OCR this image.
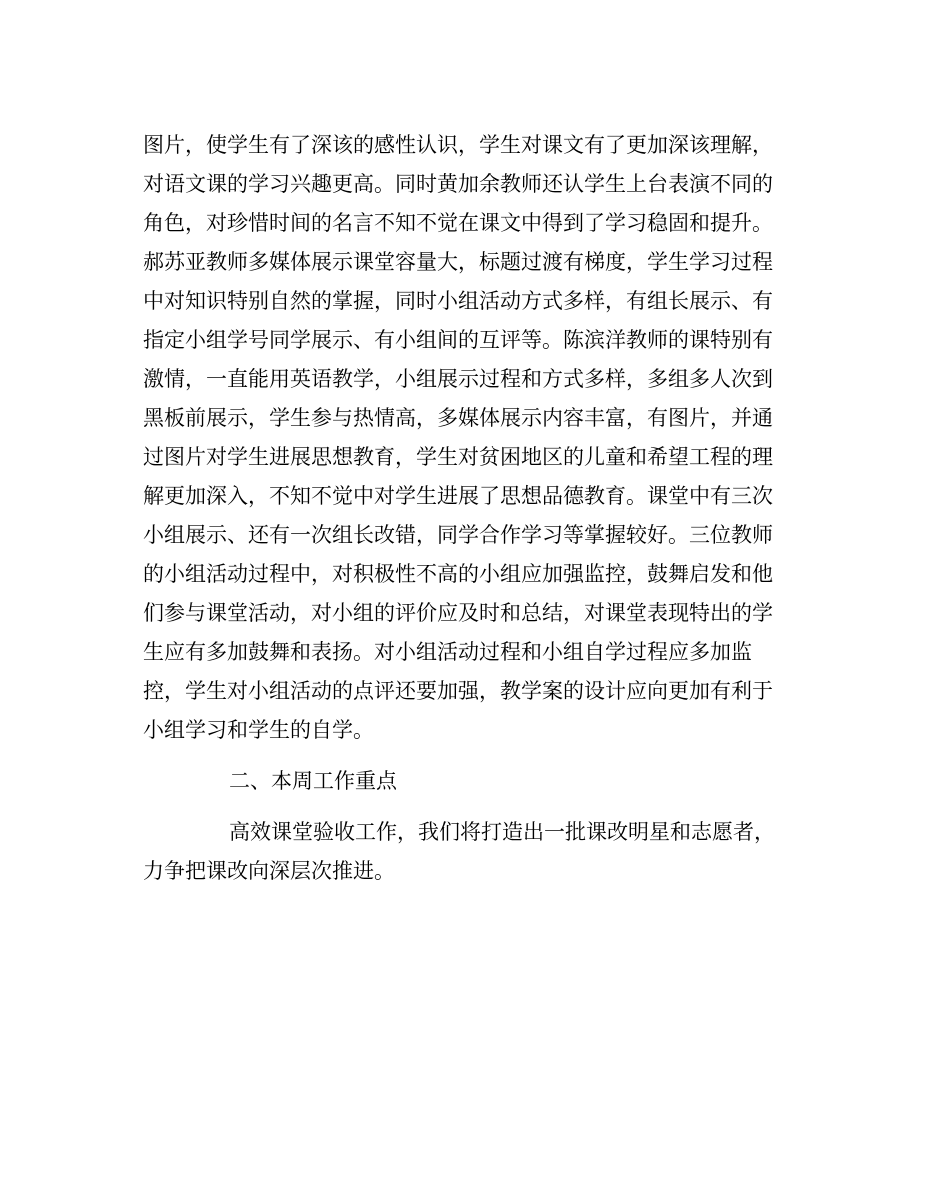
图片，使学生有了深该的感性认识，学生对课文有了更加深该理解，
对语文课的学习兴趣更高。同时黄加余教师还认学生上台表演不同的
角色，对珍惜时间的名言不知不觉在课文中得到了学习稳固和提升。
郝苏亚教师多媒体展示课堂容量大，标题过渡有梯度，学生学习过程
中对知识特别自然的掌握，同时小组活动方式多样，有组长展示、有
指定小组学号同学展示、有小组间的互评等。陈滨洋教师的课特别有
激情，一直能用英语教学，小组展示过程和方式多样，多组多人次到
黑板前展示，学生参与热情高，多媒体展示内容丰富，有图片，并通
过图片对学生进展思想教育，学生对贫困地区的儿童和希望工程的理
解更加深入，不知不觉中对学生进展了思想品德教育。课堂中有三次
小组展示、还有一次组长改错，同学合作学习等掌握较好。三位教师
的小组活动过程中，对积极性不高的小组应加强监控，鼓舞启发和他
们参与课堂活动，对小组的评价应及时和总结，对课堂表现特出的学
生应有多加鼓舞和表扬。对小组活动过程和小组自学过程应多加监
控，学生对小组活动的点评还要加强，教学案的设计应向更加有利于
小组学习和学生的自学。
二、本周工作重点
高效课堂验收工作，我们将打造出一批课改明星和志愿者，
力争把课改向深层次推进。
